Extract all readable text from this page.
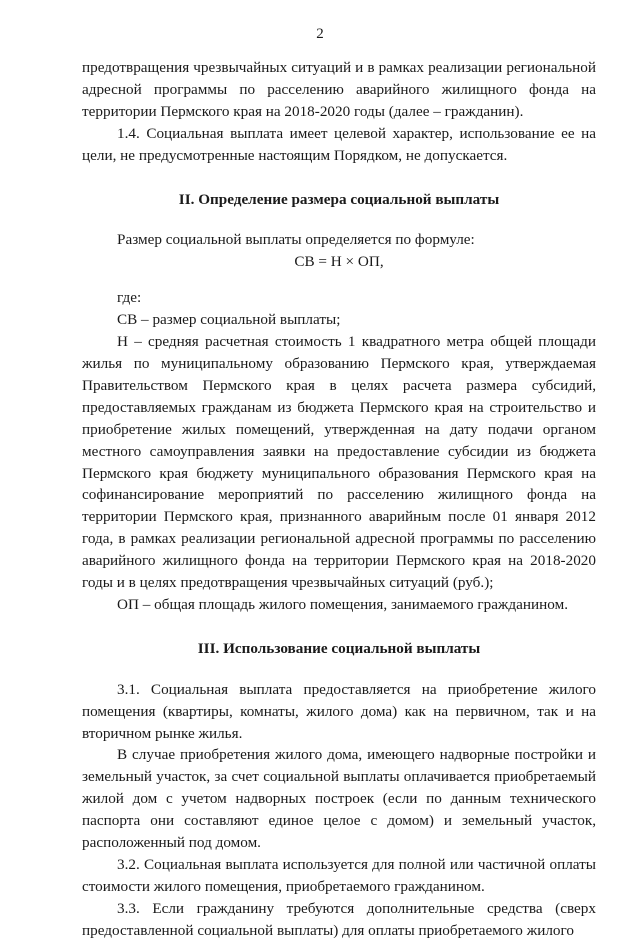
2

предотвращения чрезвычайных ситуаций и в рамках реализации региональной адресной программы по расселению аварийного жилищного фонда на территории Пермского края на 2018-2020 годы (далее – гражданин).

1.4. Социальная выплата имеет целевой характер, использование ее на цели, не предусмотренные настоящим Порядком, не допускается.

II. Определение размера социальной выплаты

Размер социальной выплаты определяется по формуле:

СВ = Н × ОП,

где:

СВ – размер социальной выплаты;

Н – средняя расчетная стоимость 1 квадратного метра общей площади жилья по муниципальному образованию Пермского края, утверждаемая Правительством Пермского края в целях расчета размера субсидий, предоставляемых гражданам из бюджета Пермского края на строительство и приобретение жилых помещений, утвержденная на дату подачи органом местного самоуправления заявки на предоставление субсидии из бюджета Пермского края бюджету муниципального образования Пермского края на софинансирование мероприятий по расселению жилищного фонда на территории Пермского края, признанного аварийным после 01 января 2012 года, в рамках реализации региональной адресной программы по расселению аварийного жилищного фонда на территории Пермского края на 2018-2020 годы и в целях предотвращения чрезвычайных ситуаций (руб.);

ОП – общая площадь жилого помещения, занимаемого гражданином.

III. Использование социальной выплаты

3.1. Социальная выплата предоставляется на приобретение жилого помещения (квартиры, комнаты, жилого дома) как на первичном, так и на вторичном рынке жилья.

В случае приобретения жилого дома, имеющего надворные постройки и земельный участок, за счет социальной выплаты оплачивается приобретаемый жилой дом с учетом надворных построек (если по данным технического паспорта они составляют единое целое с домом) и земельный участок, расположенный под домом.

3.2. Социальная выплата используется для полной или частичной оплаты стоимости жилого помещения, приобретаемого гражданином.

3.3. Если гражданину требуются дополнительные средства (сверх предоставленной социальной выплаты) для оплаты приобретаемого жилого
